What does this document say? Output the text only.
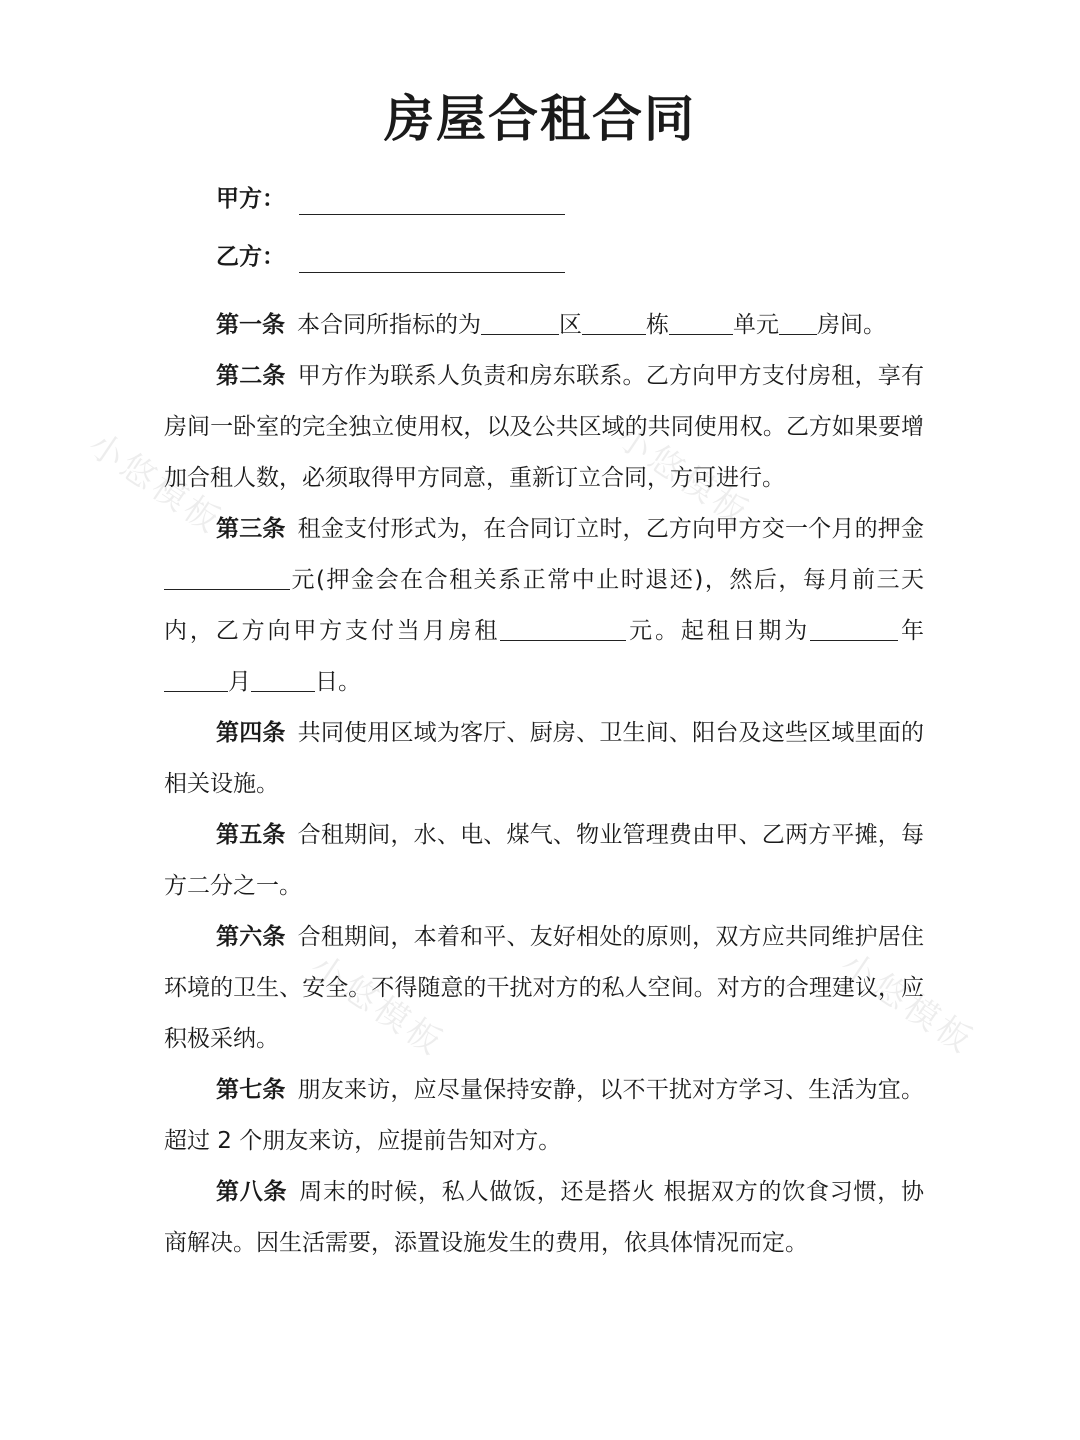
小悠模板	小悠模板
小悠模板	小悠模板
房屋合租合同
甲方：
乙方：

第一条 本合同所指标的为	区	栋	单元 房间。

第二条 甲方作为联系人负责和房东联系。乙方向甲方支付房租，享有房间一卧室的完全独立使用权，以及公共区域的共同使用权。乙方如果要增加合租人数，必须取得甲方同意，重新订立合同，方可进行。

第三条 租金支付形式为，在合同订立时，乙方向甲方交一个月的押金元(押金会在合租关系正常中止时退还)，然后，每月前三天内，乙方向甲方支付当月房租	元。起租日期为	年月	日。

第四条 共同使用区域为客厅、厨房、卫生间、阳台及这些区域里面的相关设施。

第五条 合租期间，水、电、煤气、物业管理费由甲、乙两方平摊，每方二分之一。

第六条 合租期间，本着和平、友好相处的原则，双方应共同维护居住环境的卫生、安全。不得随意的干扰对方的私人空间。对方的合理建议，应积极采纳。

第七条 朋友来访，应尽量保持安静，以不干扰对方学习、生活为宜。超过 2 个朋友来访，应提前告知对方。

第八条 周末的时候，私人做饭，还是搭火 根据双方的饮食习惯，协商解决。因生活需要，添置设施发生的费用，依具体情况而定。
